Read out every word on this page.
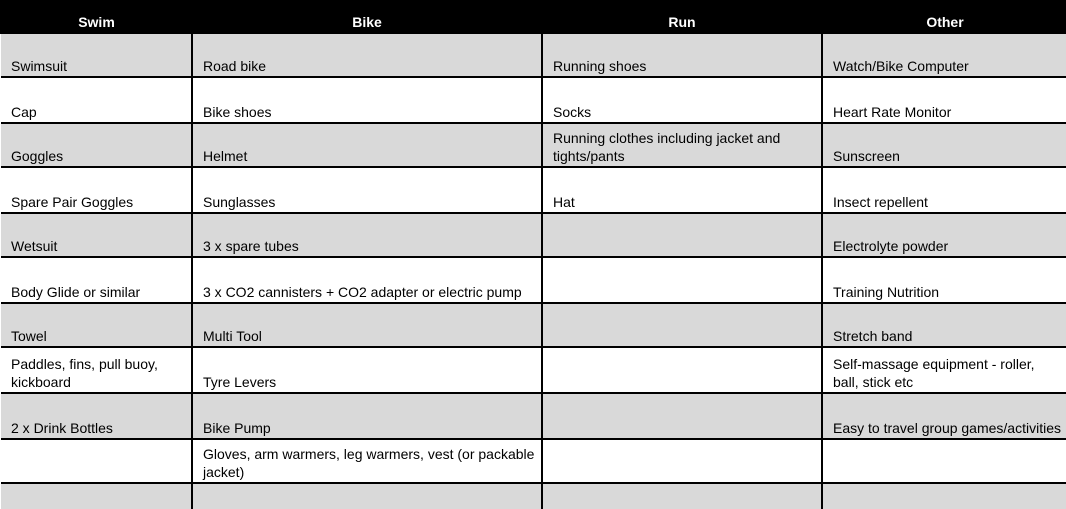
Swim	Bike	Run	Other
Swimsuit	Road bike	Running shoes	Watch/Bike Computer
Cap	Bike shoes	Socks	Heart Rate Monitor
Goggles	Helmet	Running clothes including jacket and tights/pants	Sunscreen
Spare Pair Goggles	Sunglasses	Hat	Insect repellent
Wetsuit	3 x spare tubes		Electrolyte powder
Body Glide or similar	3 x CO2 cannisters + CO2 adapter or electric pump		Training Nutrition
Towel	Multi Tool		Stretch band
Paddles, fins, pull buoy, kickboard	Tyre Levers		Self-massage equipment - roller, ball, stick etc
2 x Drink Bottles	Bike Pump		Easy to travel group games/activities
	Gloves, arm warmers, leg warmers, vest (or packable jacket)		
